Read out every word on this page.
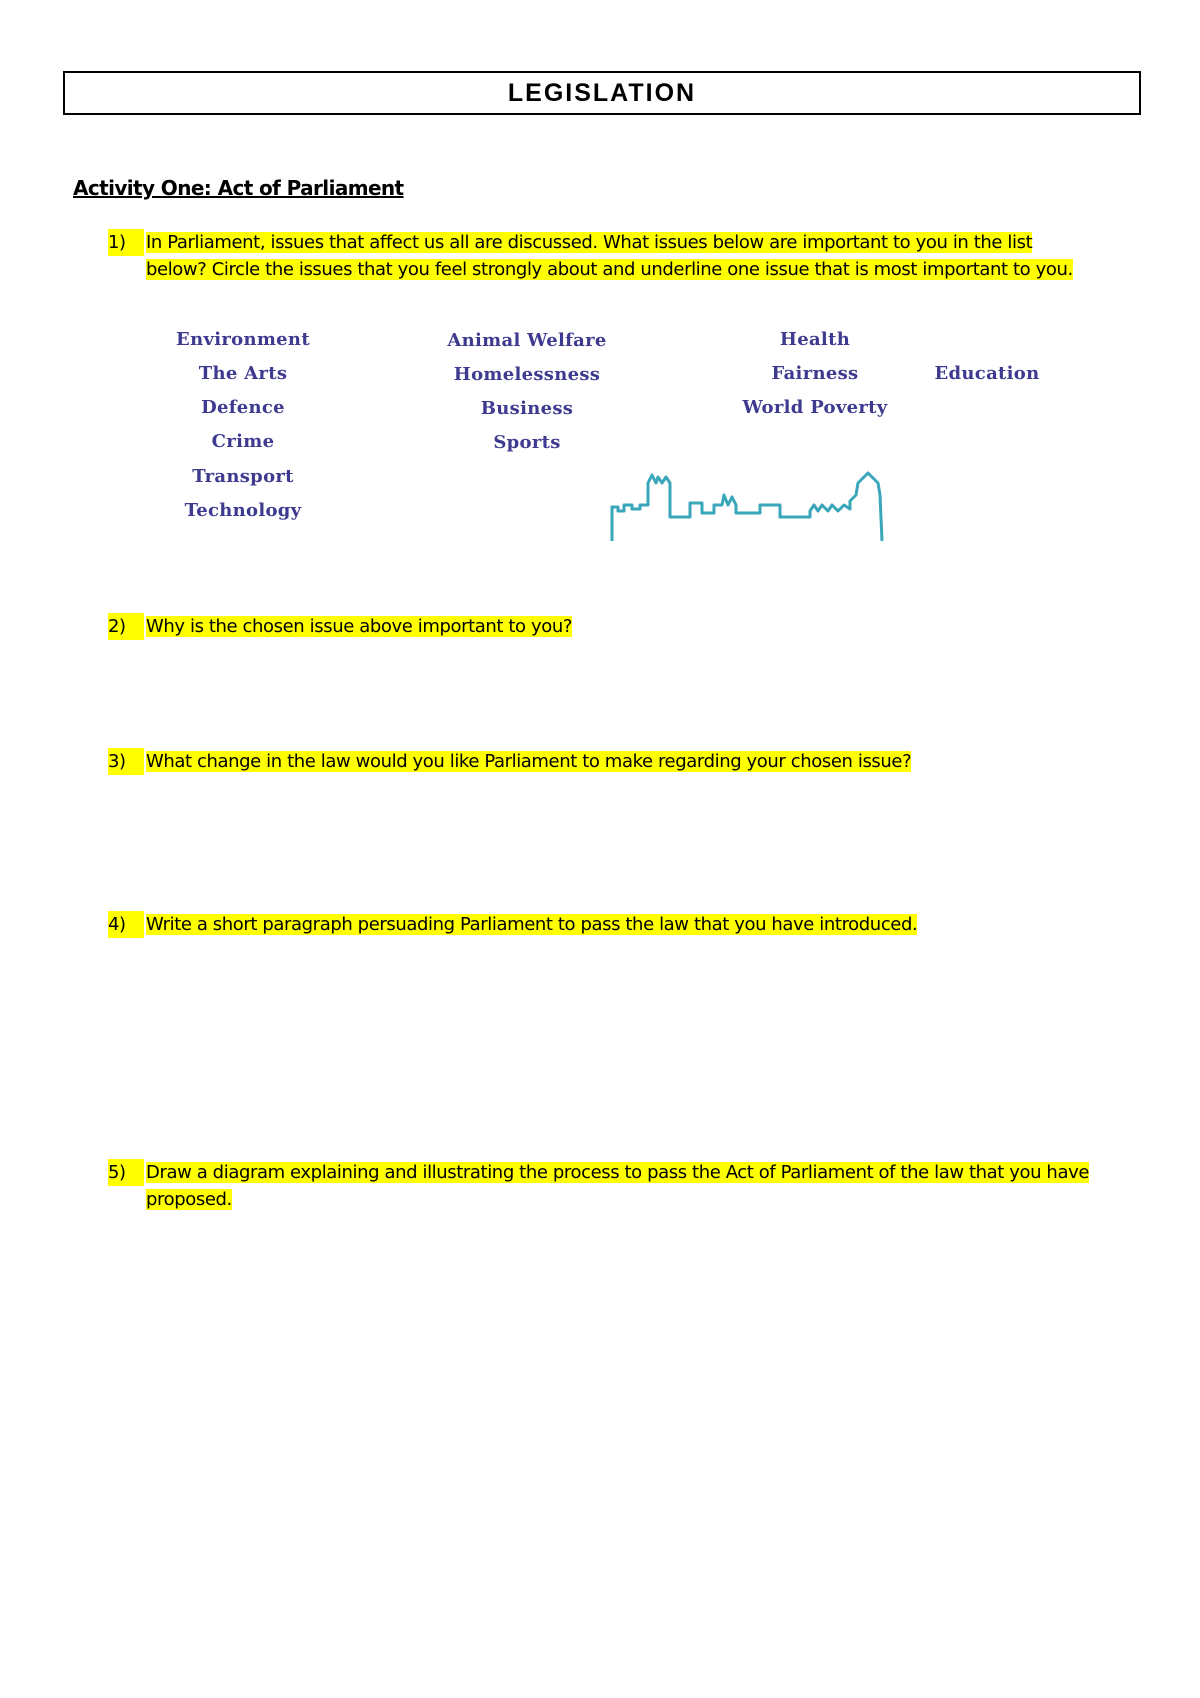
LEGISLATION
Activity One: Act of Parliament
1)	In Parliament, issues that affect us all are discussed. What issues below are important to you in the list
below? Circle the issues that you feel strongly about and underline one issue that is most important to you.
Environment
The Arts
Defence
Crime
Transport
Technology
Animal Welfare
Homelessness
Business
Sports
Health
Fairness
World Poverty
Education
2)	Why is the chosen issue above important to you?
3)	What change in the law would you like Parliament to make regarding your chosen issue?
4)	Write a short paragraph persuading Parliament to pass the law that you have introduced.
5)	Draw a diagram explaining and illustrating the process to pass the Act of Parliament of the law that you have
proposed.
